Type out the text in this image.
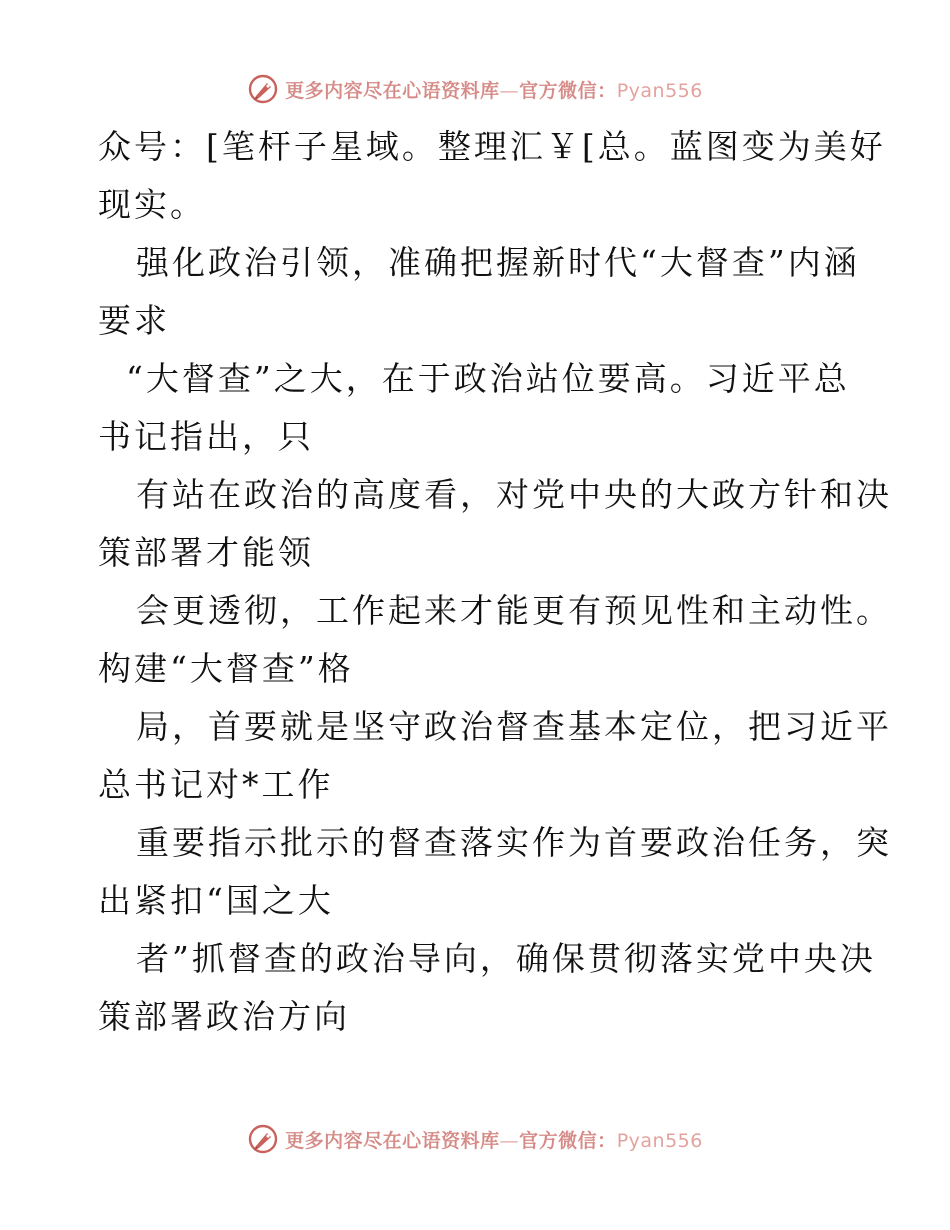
更多内容尽在心语资料库—官方微信：Pyan556
众号：[笔杆子星域。整理汇￥[总。蓝图变为美好
现实。
强化政治引领，准确把握新时代“大督查”内涵
要求
“大督查”之大，在于政治站位要高。习近平总
书记指出，只
有站在政治的高度看，对党中央的大政方针和决
策部署才能领
会更透彻，工作起来才能更有预见性和主动性。
构建“大督查”格
局，首要就是坚守政治督查基本定位，把习近平
总书记对*工作
重要指示批示的督查落实作为首要政治任务，突
出紧扣“国之大
者”抓督查的政治导向，确保贯彻落实党中央决
策部署政治方向
更多内容尽在心语资料库—官方微信：Pyan556
